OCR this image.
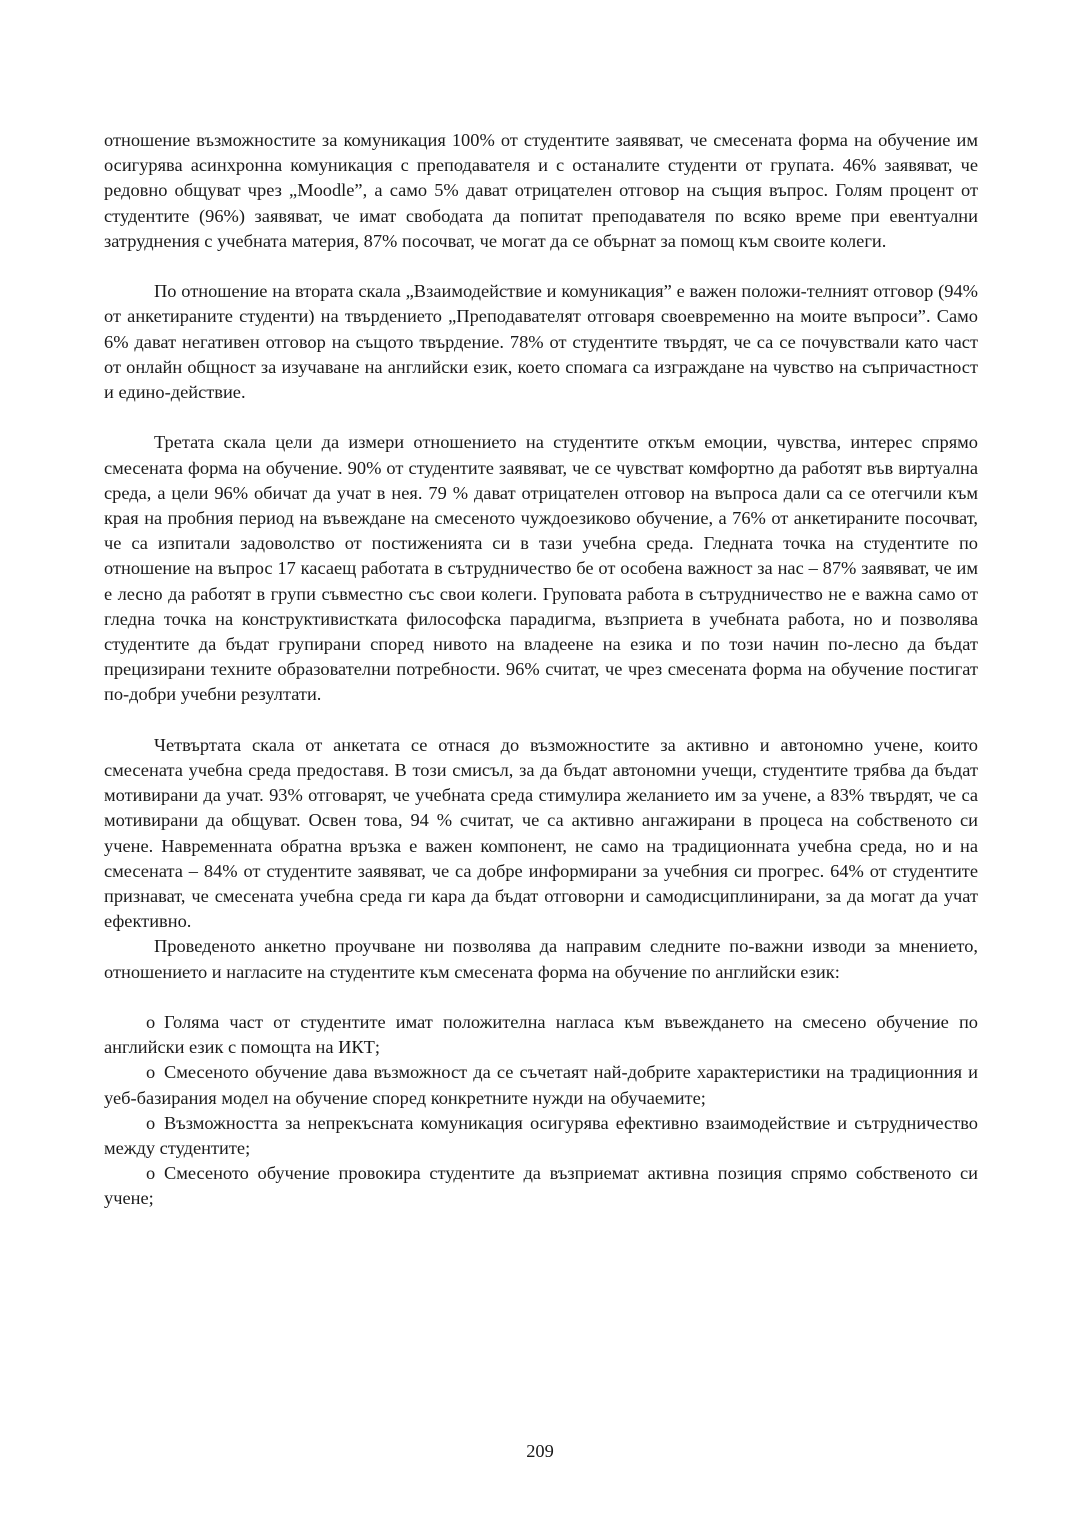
отношение възможностите за комуникация 100% от студентите заявяват, че смесената форма на обучение им осигурява асинхронна комуникация с преподавателя и с останалите студенти от групата. 46% заявяват, че редовно общуват чрез „Moodle”, а само 5% дават отрицателен отговор на същия въпрос. Голям процент от студентите (96%) заявяват, че имат свободата да попитат преподавателя по всяко време при евентуални затруднения с учебната материя, 87% посочват, че могат да се обърнат за помощ към своите колеги.

По отношение на втората скала „Взаимодействие и комуникация” е важен положи-телният отговор (94% от анкетираните студенти) на твърдението „Преподавателят отговаря своевременно на моите въпроси”. Само 6% дават негативен отговор на същото твърдение. 78% от студентите твърдят, че са се почувствали като част от онлайн общност за изучаване на английски език, което спомага са изграждане на чувство на съпричастност и едино-действие.

Третата скала цели да измери отношението на студентите откъм емоции, чувства, интерес спрямо смесената форма на обучение. 90% от студентите заявяват, че се чувстват комфортно да работят във виртуална среда, а цели 96% обичат да учат в нея. 79 % дават отрицателен отговор на въпроса дали са се отегчили към края на пробния период на въвеждане на смесеното чуждоезиково обучение, а 76% от анкетираните посочват, че са изпитали задоволство от постиженията си в тази учебна среда. Гледната точка на студентите по отношение на въпрос 17 касаещ работата в сътрудничество бе от особена важност за нас – 87% заявяват, че им е лесно да работят в групи съвместно със свои колеги. Груповата работа в сътрудничество не е важна само от гледна точка на конструктивистката философска парадигма, възприета в учебната работа, но и позволява студентите да бъдат групирани според нивото на владеене на езика и по този начин по-лесно да бъдат прецизирани техните образователни потребности. 96% считат, че чрез смесената форма на обучение постигат по-добри учебни резултати.

Четвъртата скала от анкетата се отнася до възможностите за активно и автономно учене, които смесената учебна среда предоставя. В този смисъл, за да бъдат автономни учещи, студентите трябва да бъдат мотивирани да учат. 93% отговарят, че учебната среда стимулира желанието им за учене, а 83% твърдят, че са мотивирани да общуват. Освен това, 94 % считат, че са активно ангажирани в процеса на собственото си учене. Навременната обратна връзка е важен компонент, не само на традиционната учебна среда, но и на смесената – 84% от студентите заявяват, че са добре информирани за учебния си прогрес. 64% от студентите признават, че смесената учебна среда ги кара да бъдат отговорни и самодисциплинирани, за да могат да учат ефективно.

Проведеното анкетно проучване ни позволява да направим следните по-важни изводи за мнението, отношението и нагласите на студентите към смесената форма на обучение по английски език:

o Голяма част от студентите имат положителна нагласа към въвеждането на смесено обучение по английски език с помощта на ИКТ;

o Смесеното обучение дава възможност да се съчетаят най-добрите характеристики на традиционния и уеб-базирания модел на обучение според конкретните нужди на обучаемите;

o Възможността за непрекъсната комуникация осигурява ефективно взаимодействие и сътрудничество между студентите;

o Смесеното обучение провокира студентите да възприемат активна позиция спрямо собственото си учене;

209
